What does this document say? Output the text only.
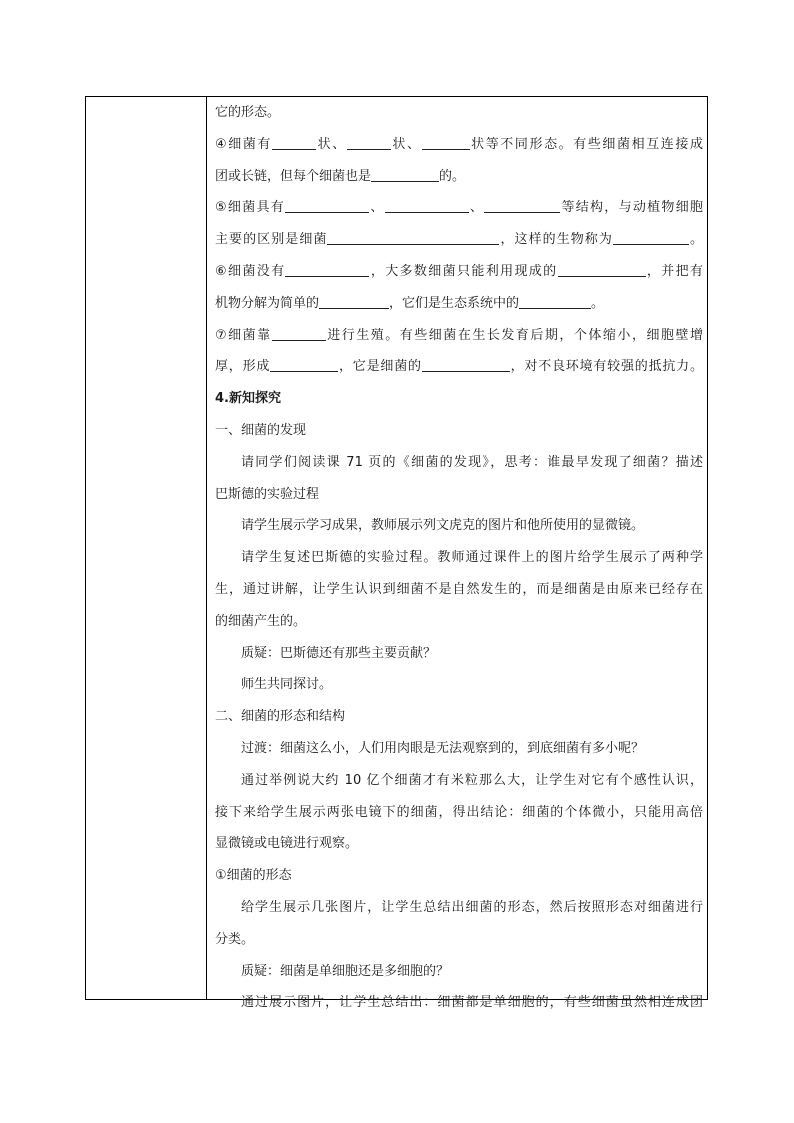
它的形态。
④细菌有	状、	状、	状等不同形态。有些细菌相互连接成
团或长链，但每个细菌也是	的。
⑤细菌具有	、	、	等结构，与动植物细胞
主要的区别是细菌	，这样的生物称为	。
⑥细菌没有	，大多数细菌只能利用现成的	，并把有
机物分解为简单的	，它们是生态系统中的	。
⑦细菌靠	进行生殖。有些细菌在生长发育后期，个体缩小，细胞壁增
厚，形成	，它是细菌的	，对不良环境有较强的抵抗力。
4.新知探究
一、细菌的发现
请同学们阅读课 71 页的《细菌的发现》，思考：谁最早发现了细菌？描述
巴斯德的实验过程
请学生展示学习成果，教师展示列文虎克的图片和他所使用的显微镜。
请学生复述巴斯德的实验过程。教师通过课件上的图片给学生展示了两种学
生，通过讲解，让学生认识到细菌不是自然发生的，而是细菌是由原来已经存在
的细菌产生的。
质疑：巴斯德还有那些主要贡献？
师生共同探讨。
二、细菌的形态和结构
过渡：细菌这么小，人们用肉眼是无法观察到的，到底细菌有多小呢？
通过举例说大约 10 亿个细菌才有米粒那么大，让学生对它有个感性认识，
接下来给学生展示两张电镜下的细菌，得出结论：细菌的个体微小，只能用高倍
显微镜或电镜进行观察。
①细菌的形态
给学生展示几张图片，让学生总结出细菌的形态，然后按照形态对细菌进行
分类。
质疑：细菌是单细胞还是多细胞的？
通过展示图片，让学生总结出：细菌都是单细胞的，有些细菌虽然相连成团
